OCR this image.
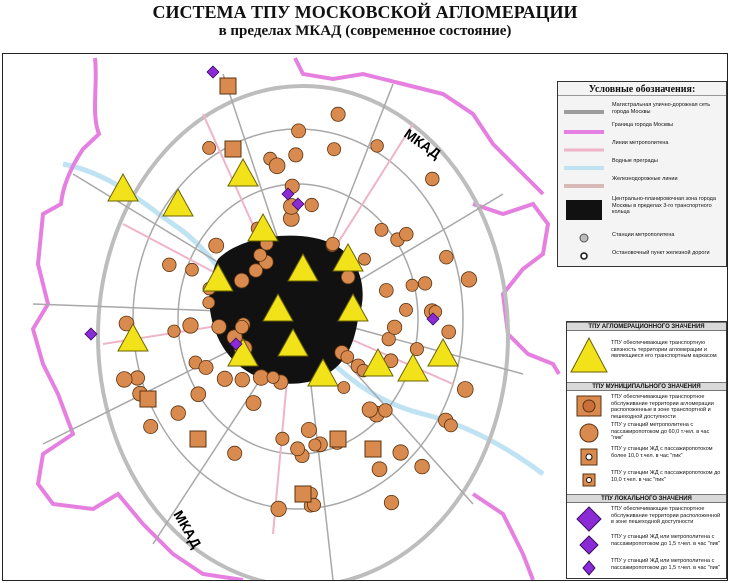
СИСТЕМА ТПУ МОСКОВСКОЙ АГЛОМЕРАЦИИ
в пределах МКАД (современное состояние)
МКАД
МКАД
Условные обозначения:
Магистральная улично-дорожная сеть города Москвы
Граница города Москвы
Линии метрополитена
Водные преграды
Железнодорожные линии
Центрально-планировочная зона города Москвы в пределах 3-го транспортного кольца
Станции метрополитена
Остановочный пункт железной дороги
ТПУ АГЛОМЕРАЦИОННОГО ЗНАЧЕНИЯ
ТПУ обеспечивающие транспортную связность территории агломерации и являющиеся его транспортным каркасом
ТПУ МУНИЦИПАЛЬНОГО ЗНАЧЕНИЯ
ТПУ обеспечивающие транспортное обслуживание территории агломерации расположенные в зоне транспортной и пешеходной доступности
ТПУ у станций метрополитена с пассажиропотоком до 60,0 т.чел. в час "пик"
ТПУ у станции ЖД с пассажиропотоком более 10,0 т.чел. в час "пик"
ТПУ у станции ЖД с пассажиропотоком до 10,0 т.чел. в час "пик"
ТПУ ЛОКАЛЬНОГО ЗНАЧЕНИЯ
ТПУ обеспечивающие транспортное обслуживание территории расположенной в зоне пешеходной доступности
ТПУ у станций ЖД или метрополитена с пассажиропотоком до 1,5 т.чел. в час "пик"
ТПУ у станций ЖД или метрополитена с пассажиропотоком до 1,5 т.чел. в час "пик"
